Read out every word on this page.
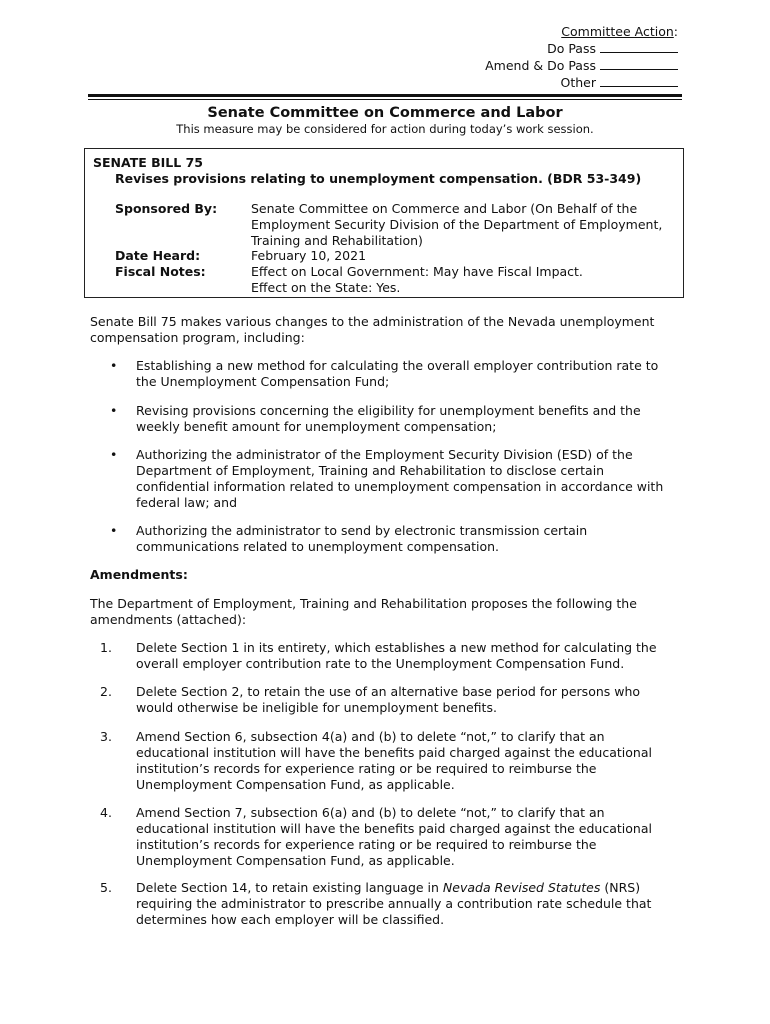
Committee Action:
Do Pass
Amend & Do Pass
Other
Senate Committee on Commerce and Labor
This measure may be considered for action during today’s work session.
SENATE BILL 75
Revises provisions relating to unemployment compensation. (BDR 53-349)
Sponsored By:	Senate Committee on Commerce and Labor (On Behalf of the
Employment Security Division of the Department of Employment,
Training and Rehabilitation)
Date Heard:	February 10, 2021
Fiscal Notes:	Effect on Local Government: May have Fiscal Impact.
Effect on the State: Yes.
Senate Bill 75 makes various changes to the administration of the Nevada unemployment
compensation program, including:
•	Establishing a new method for calculating the overall employer contribution rate to
the Unemployment Compensation Fund;
•	Revising provisions concerning the eligibility for unemployment benefits and the
weekly benefit amount for unemployment compensation;
•	Authorizing the administrator of the Employment Security Division (ESD) of the
Department of Employment, Training and Rehabilitation to disclose certain
confidential information related to unemployment compensation in accordance with
federal law; and
•	Authorizing the administrator to send by electronic transmission certain
communications related to unemployment compensation.
Amendments:
The Department of Employment, Training and Rehabilitation proposes the following the
amendments (attached):
1.	Delete Section 1 in its entirety, which establishes a new method for calculating the
overall employer contribution rate to the Unemployment Compensation Fund.
2.	Delete Section 2, to retain the use of an alternative base period for persons who
would otherwise be ineligible for unemployment benefits.
3.	Amend Section 6, subsection 4(a) and (b) to delete “not,” to clarify that an
educational institution will have the benefits paid charged against the educational
institution’s records for experience rating or be required to reimburse the
Unemployment Compensation Fund, as applicable.
4.	Amend Section 7, subsection 6(a) and (b) to delete “not,” to clarify that an
educational institution will have the benefits paid charged against the educational
institution’s records for experience rating or be required to reimburse the
Unemployment Compensation Fund, as applicable.
5.	Delete Section 14, to retain existing language in Nevada Revised Statutes (NRS)
requiring the administrator to prescribe annually a contribution rate schedule that
determines how each employer will be classified.
